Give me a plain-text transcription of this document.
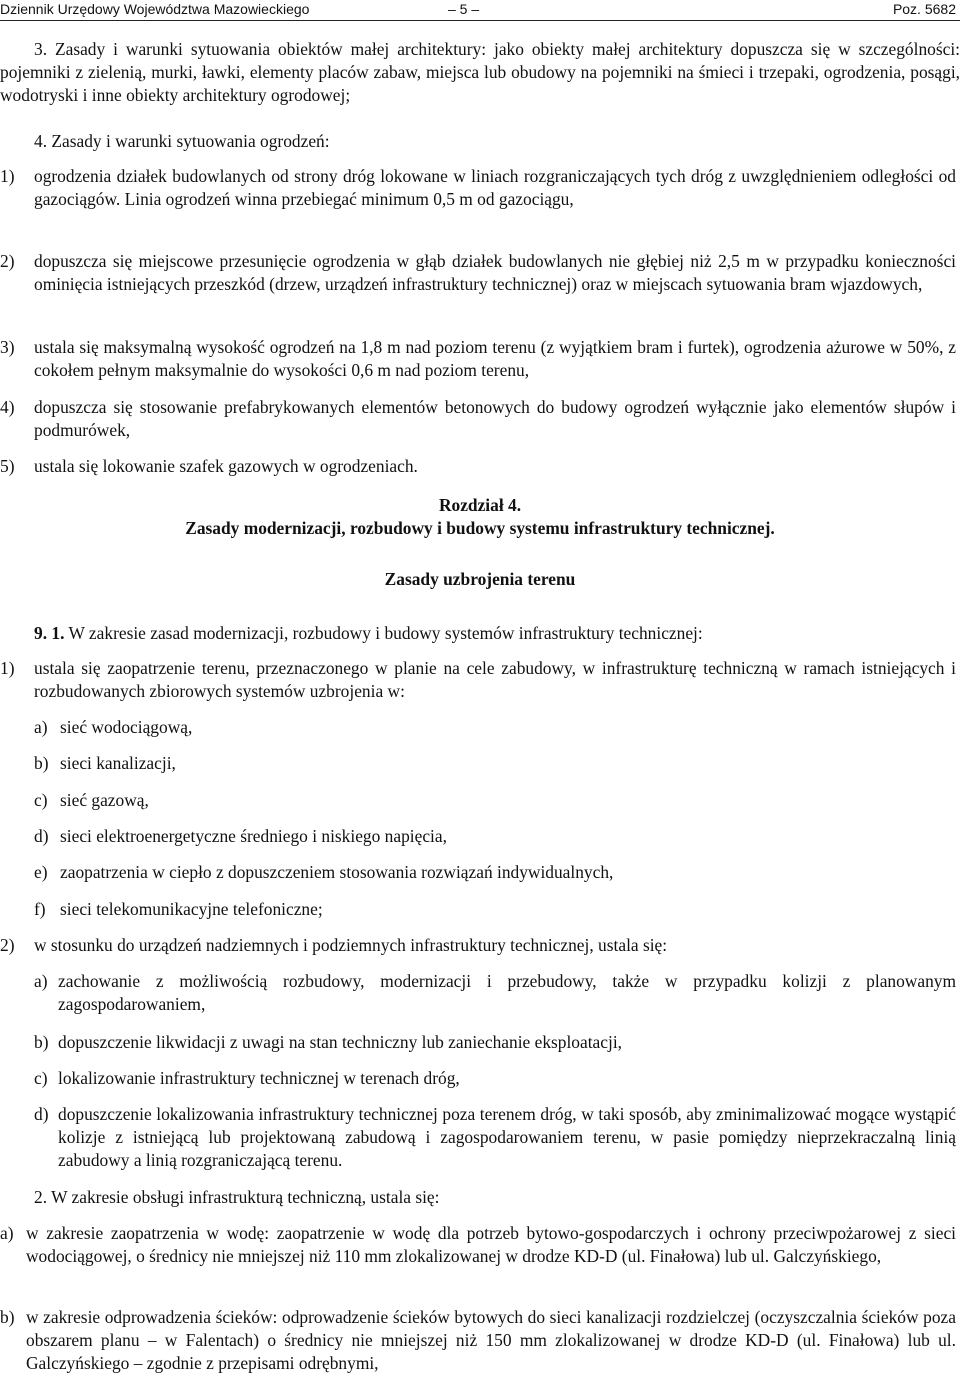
Dziennik Urzędowy Województwa Mazowieckiego	– 5 –	Poz. 5682

3. Zasady i warunki sytuowania obiektów małej architektury: jako obiekty małej architektury dopuszcza się w szczególności: pojemniki z zielenią, murki, ławki, elementy placów zabaw, miejsca lub obudowy na pojemniki na śmieci i trzepaki, ogrodzenia, posągi, wodotryski i inne obiekty architektury ogrodowej;

4. Zasady i warunki sytuowania ogrodzeń:

1) ogrodzenia działek budowlanych od strony dróg lokowane w liniach rozgraniczających tych dróg z uwzględnieniem odległości od gazociągów. Linia ogrodzeń winna przebiegać minimum 0,5 m od gazociągu,

2) dopuszcza się miejscowe przesunięcie ogrodzenia w głąb działek budowlanych nie głębiej niż 2,5 m w przypadku konieczności ominięcia istniejących przeszkód (drzew, urządzeń infrastruktury technicznej) oraz w miejscach sytuowania bram wjazdowych,

3) ustala się maksymalną wysokość ogrodzeń na 1,8 m nad poziom terenu (z wyjątkiem bram i furtek), ogrodzenia ażurowe w 50%, z cokołem pełnym maksymalnie do wysokości 0,6 m nad poziom terenu,

4) dopuszcza się stosowanie prefabrykowanych elementów betonowych do budowy ogrodzeń wyłącznie jako elementów słupów i podmurówek,

5) ustala się lokowanie szafek gazowych w ogrodzeniach.

Rozdział 4.
Zasady modernizacji, rozbudowy i budowy systemu infrastruktury technicznej.
Zasady uzbrojenia terenu
9. 1. W zakresie zasad modernizacji, rozbudowy i budowy systemów infrastruktury technicznej:
1) ustala się zaopatrzenie terenu, przeznaczonego w planie na cele zabudowy, w infrastrukturę techniczną w ramach istniejących i rozbudowanych zbiorowych systemów uzbrojenia w:

a) sieć wodociągową,

b) sieci kanalizacji,

c) sieć gazową,

d) sieci elektroenergetyczne średniego i niskiego napięcia,

e) zaopatrzenia w ciepło z dopuszczeniem stosowania rozwiązań indywidualnych,

f) sieci telekomunikacyjne telefoniczne;

2) w stosunku do urządzeń nadziemnych i podziemnych infrastruktury technicznej, ustala się:

a) zachowanie z możliwością rozbudowy, modernizacji i przebudowy, także w przypadku kolizji z planowanym zagospodarowaniem,

b) dopuszczenie likwidacji z uwagi na stan techniczny lub zaniechanie eksploatacji,

c) lokalizowanie infrastruktury technicznej w terenach dróg,

d) dopuszczenie lokalizowania infrastruktury technicznej poza terenem dróg, w taki sposób, aby zminimalizować mogące wystąpić kolizje z istniejącą lub projektowaną zabudową i zagospodarowaniem terenu, w pasie pomiędzy nieprzekraczalną linią zabudowy a linią rozgraniczającą terenu.

2. W zakresie obsługi infrastrukturą techniczną, ustala się:

a) w zakresie zaopatrzenia w wodę: zaopatrzenie w wodę dla potrzeb bytowo-gospodarczych i ochrony przeciwpożarowej z sieci wodociągowej, o średnicy nie mniejszej niż 110 mm zlokalizowanej w drodze KD-D (ul. Finałowa) lub ul. Galczyńskiego,

b) w zakresie odprowadzenia ścieków: odprowadzenie ścieków bytowych do sieci kanalizacji rozdzielczej (oczyszczalnia ścieków poza obszarem planu – w Falentach) o średnicy nie mniejszej niż 150 mm zlokalizowanej w drodze KD-D (ul. Finałowa) lub ul. Galczyńskiego – zgodnie z przepisami odrębnymi,
